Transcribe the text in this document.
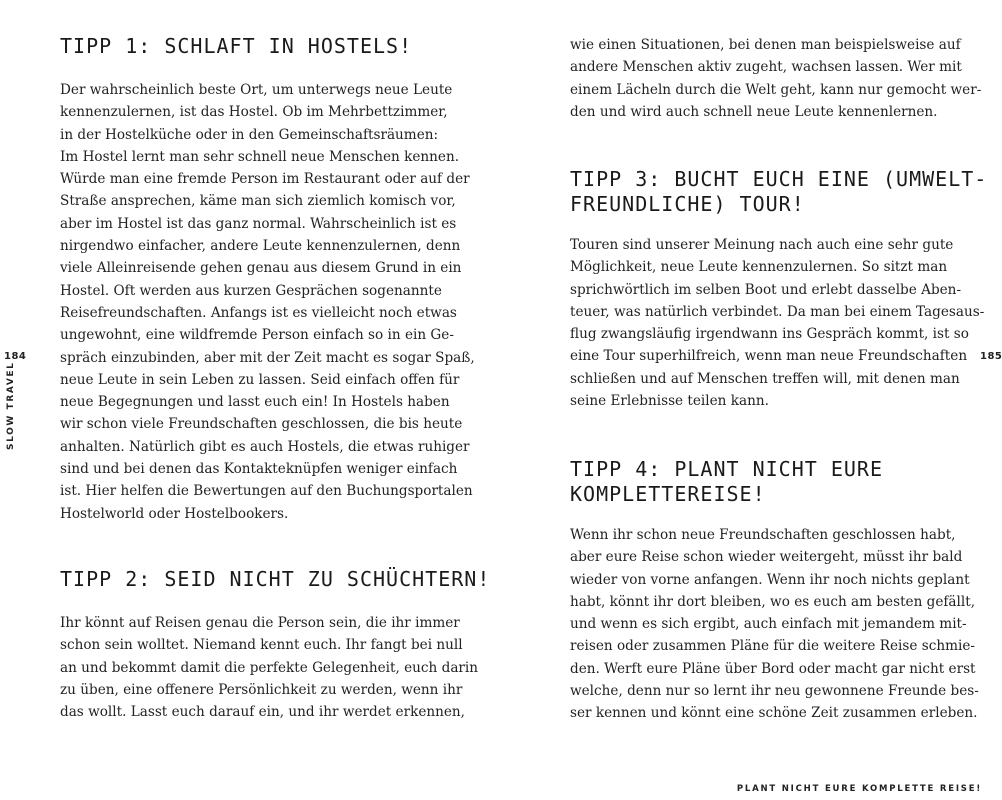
184
SLOW TRAVEL
TIPP 1: SCHLAFT IN HOSTELS!
Der wahrscheinlich beste Ort, um unterwegs neue Leute
kennenzulernen, ist das Hostel. Ob im Mehrbettzimmer,
in der Hostelküche oder in den Gemeinschaftsräumen:
Im Hostel lernt man sehr schnell neue Menschen kennen.
Würde man eine fremde Person im Restaurant oder auf der
Straße ansprechen, käme man sich ziemlich komisch vor,
aber im Hostel ist das ganz normal. Wahrscheinlich ist es
nirgendwo einfacher, andere Leute kennenzulernen, denn
viele Alleinreisende gehen genau aus diesem Grund in ein
Hostel. Oft werden aus kurzen Gesprächen sogenannte
Reisefreundschaften. Anfangs ist es vielleicht noch etwas
ungewohnt, eine wildfremde Person einfach so in ein Ge-
spräch einzubinden, aber mit der Zeit macht es sogar Spaß,
neue Leute in sein Leben zu lassen. Seid einfach offen für
neue Begegnungen und lasst euch ein! In Hostels haben
wir schon viele Freundschaften geschlossen, die bis heute
anhalten. Natürlich gibt es auch Hostels, die etwas ruhiger
sind und bei denen das Kontakteknüpfen weniger einfach
ist. Hier helfen die Bewertungen auf den Buchungsportalen
Hostelworld oder Hostelbookers.
TIPP 2: SEID NICHT ZU SCHÜCHTERN!
Ihr könnt auf Reisen genau die Person sein, die ihr immer
schon sein wolltet. Niemand kennt euch. Ihr fangt bei null
an und bekommt damit die perfekte Gelegenheit, euch darin
zu üben, eine offenere Persönlichkeit zu werden, wenn ihr
das wollt. Lasst euch darauf ein, und ihr werdet erkennen,
185
wie einen Situationen, bei denen man beispielsweise auf
andere Menschen aktiv zugeht, wachsen lassen. Wer mit
einem Lächeln durch die Welt geht, kann nur gemocht wer-
den und wird auch schnell neue Leute kennenlernen.
TIPP 3: BUCHT EUCH EINE (UMWELT-FREUNDLICHE) TOUR!
Touren sind unserer Meinung nach auch eine sehr gute
Möglichkeit, neue Leute kennenzulernen. So sitzt man
sprichwörtlich im selben Boot und erlebt dasselbe Aben-
teuer, was natürlich verbindet. Da man bei einem Tagesaus-
flug zwangsläufig irgendwann ins Gespräch kommt, ist so
eine Tour superhilfreich, wenn man neue Freundschaften
schließen und auf Menschen treffen will, mit denen man
seine Erlebnisse teilen kann.
TIPP 4: PLANT NICHT EURE KOMPLETTEREISE!
Wenn ihr schon neue Freundschaften geschlossen habt,
aber eure Reise schon wieder weitergeht, müsst ihr bald
wieder von vorne anfangen. Wenn ihr noch nichts geplant
habt, könnt ihr dort bleiben, wo es euch am besten gefällt,
und wenn es sich ergibt, auch einfach mit jemandem mit-
reisen oder zusammen Pläne für die weitere Reise schmie-
den. Werft eure Pläne über Bord oder macht gar nicht erst
welche, denn nur so lernt ihr neu gewonnene Freunde bes-
ser kennen und könnt eine schöne Zeit zusammen erleben.
PLANT NICHT EURE KOMPLETTE REISE!
